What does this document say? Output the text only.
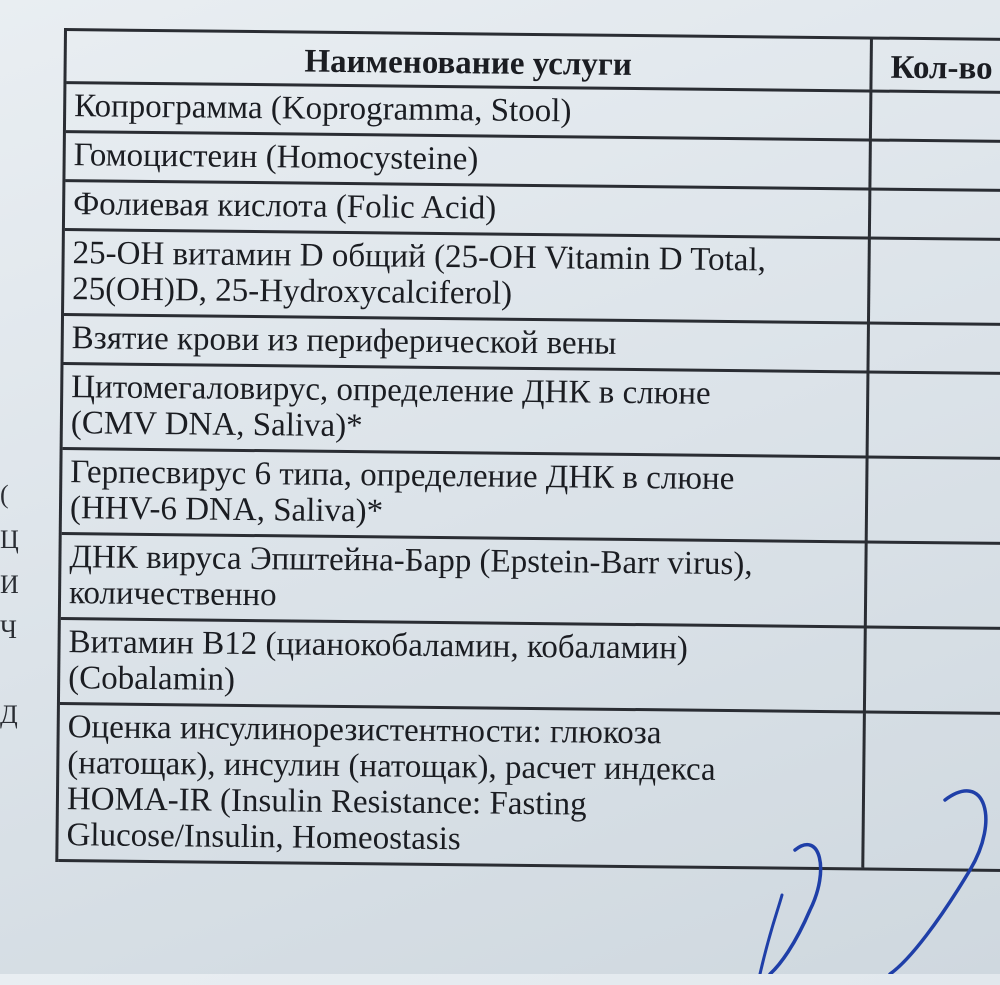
Наименование услуги	Кол-во
Копрограмма (Koprogramma, Stool)
Гомоцистеин (Homocysteine)
Фолиевая кислота (Folic Acid)
25-OH витамин D общий (25-OH Vitamin D Total,
25(OH)D, 25-Hydroxycalciferol)
Взятие крови из периферической вены
Цитомегаловирус, определение ДНК в слюне
(CMV DNA, Saliva)*
Герпесвирус 6 типа, определение ДНК в слюне
(HHV-6 DNA, Saliva)*
ДНК вируса Эпштейна-Барр (Epstein-Barr virus),
количественно
Витамин B12 (цианокобаламин, кобаламин)
(Cobalamin)
Оценка инсулинорезистентности: глюкоза
(натощак), инсулин (натощак), расчет индекса
HOMA-IR (Insulin Resistance: Fasting
Glucose/Insulin, Homeostasis
(
Ц
И
Ч
Д
